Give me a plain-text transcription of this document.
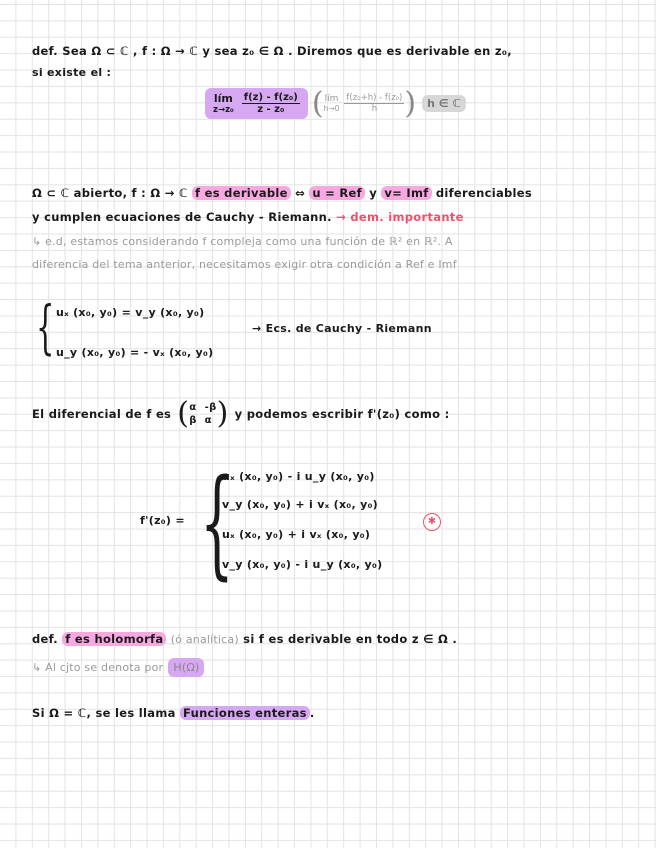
def. Sea Ω ⊂ ℂ , f : Ω → ℂ y sea z₀ ∈ Ω . Diremos que es derivable en z₀,
si existe el :
lím
$z\to z_0 \frac{\text{f(z) - f(z₀)}}{\text{z - z₀}}$ ( lím
$h\to 0 \frac{\text{f(z₀+h) - f(z₀)}}{h}$ )	h ∈ ℂ
Ω ⊂ ℂ abierto, f : Ω → ℂ f es derivable ⇔ u = Ref y v= Imf diferenciables
y cumplen ecuaciones de Cauchy - Riemann. → dem. importante
↳ e.d, estamos considerando f compleja como una función de ℝ² en ℝ². A
diferencia del tema anterior, necesitamos exigir otra condición a Ref e Imf
{ uₓ (x₀, y₀) = v_y (x₀, y₀)
u_y (x₀, y₀) = - vₓ (x₀, y₀)
→ Ecs. de Cauchy - Riemann
El diferencial de f es ( α -β
β α ) y podemos escribir f'(z₀) como :
f'(z₀) = {
uₓ (x₀, y₀) - i u_y (x₀, y₀)
v_y (x₀, y₀) + i vₓ (x₀, y₀)
uₓ (x₀, y₀) + i vₓ (x₀, y₀)
v_y (x₀, y₀) - i u_y (x₀, y₀)
✱
def. f es holomorfa (ó analítica) si f es derivable en todo z ∈ Ω .
↳ Al cjto se denota por H(Ω)
Si Ω = ℂ, se les llama Funciones enteras .
